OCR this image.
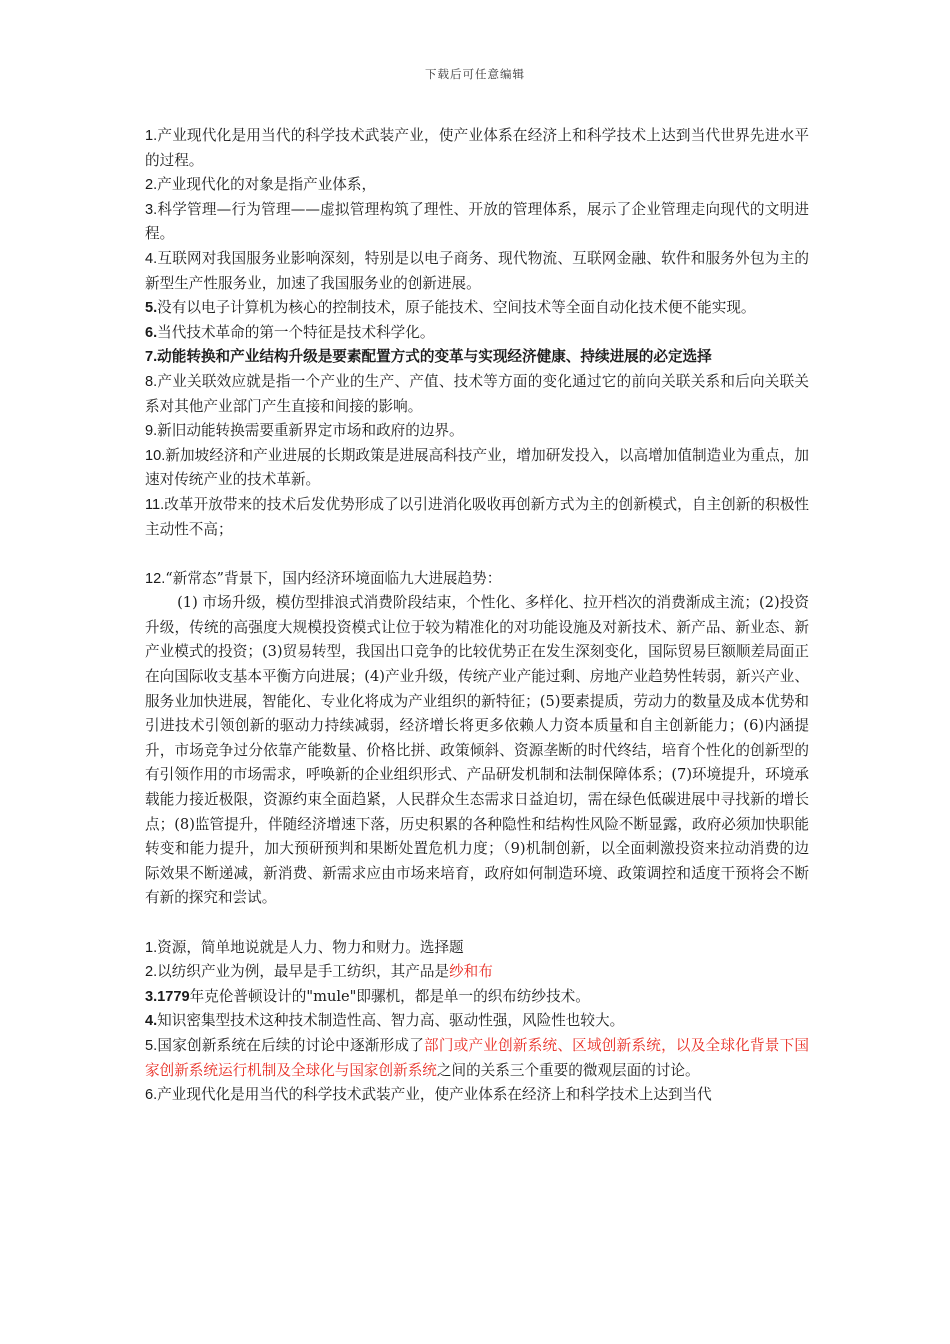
下载后可任意编辑

1.产业现代化是用当代的科学技术武装产业，使产业体系在经济上和科学技术上达到当代世界先进水平的过程。

2.产业现代化的对象是指产业体系，

3.科学管理—行为管理——虚拟管理构筑了理性、开放的管理体系，展示了企业管理走向现代的文明进程。

4.互联网对我国服务业影响深刻，特别是以电子商务、现代物流、互联网金融、软件和服务外包为主的新型生产性服务业，加速了我国服务业的创新进展。

5.没有以电子计算机为核心的控制技术，原子能技术、空间技术等全面自动化技术便不能实现。

6.当代技术革命的第一个特征是技术科学化。

7.动能转换和产业结构升级是要素配置方式的变革与实现经济健康、持续进展的必定选择

8.产业关联效应就是指一个产业的生产、产值、技术等方面的变化通过它的前向关联关系和后向关联关系对其他产业部门产生直接和间接的影响。

9.新旧动能转换需要重新界定市场和政府的边界。

10.新加坡经济和产业进展的长期政策是进展高科技产业，增加研发投入，以高增加值制造业为重点，加速对传统产业的技术革新。

11.改革开放带来的技术后发优势形成了以引进消化吸收再创新方式为主的创新模式，自主创新的积极性主动性不高；

12.“新常态”背景下，国内经济环境面临九大进展趋势：

(1) 市场升级，模仿型排浪式消费阶段结束，个性化、多样化、拉开档次的消费渐成主流；(2)投资升级，传统的高强度大规模投资模式让位于较为精准化的对功能设施及对新技术、新产品、新业态、新产业模式的投资；(3)贸易转型，我国出口竞争的比较优势正在发生深刻变化，国际贸易巨额顺差局面正在向国际收支基本平衡方向进展；(4)产业升级，传统产业产能过剩、房地产业趋势性转弱，新兴产业、服务业加快进展，智能化、专业化将成为产业组织的新特征；(5)要素提质，劳动力的数量及成本优势和引进技术引领创新的驱动力持续减弱，经济增长将更多依赖人力资本质量和自主创新能力；(6)内涵提升，市场竞争过分依靠产能数量、价格比拼、政策倾斜、资源垄断的时代终结，培育个性化的创新型的有引领作用的市场需求，呼唤新的企业组织形式、产品研发机制和法制保障体系；(7)环境提升，环境承载能力接近极限，资源约束全面趋紧，人民群众生态需求日益迫切，需在绿色低碳进展中寻找新的增长点；(8)监管提升，伴随经济增速下落，历史积累的各种隐性和结构性风险不断显露，政府必须加快职能转变和能力提升，加大预研预判和果断处置危机力度；（9)机制创新，以全面刺激投资来拉动消费的边际效果不断递减，新消费、新需求应由市场来培育，政府如何制造环境、政策调控和适度干预将会不断有新的探究和尝试。

1.资源，简单地说就是人力、物力和财力。选择题

2.以纺织产业为例，最早是手工纺织，其产品是纱和布

3.1779年克伦普顿设计的"mule"即骡机，都是单一的织布纺纱技术。

4.知识密集型技术这种技术制造性高、智力高、驱动性强，风险性也较大。

5.国家创新系统在后续的讨论中逐渐形成了部门或产业创新系统、区域创新系统，以及全球化背景下国家创新系统运行机制及全球化与国家创新系统之间的关系三个重要的微观层面的讨论。

6.产业现代化是用当代的科学技术武装产业，使产业体系在经济上和科学技术上达到当代
